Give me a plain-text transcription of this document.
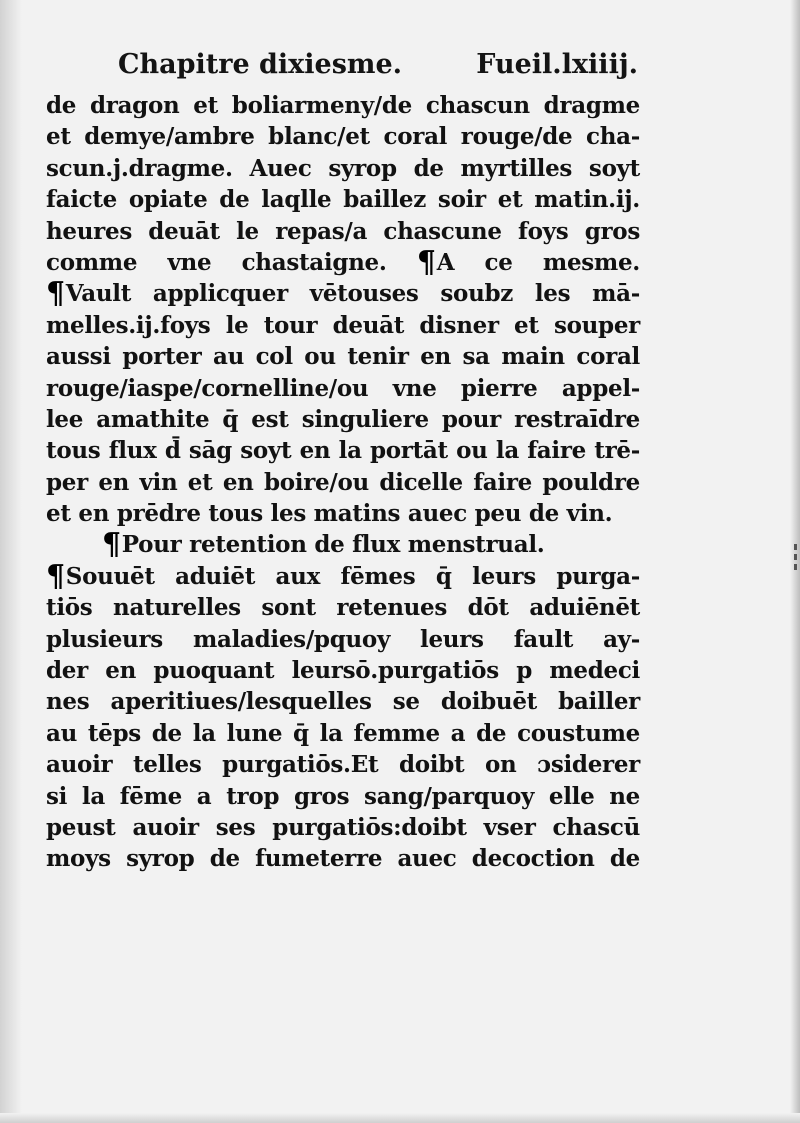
Chapitre dixiesme.	Fueil.lxiiij.
de dragon et boliarmeny/de chascun dragme
et demye/ambre blanc/et coral rouge/de cha-
scun.j.dragme. Auec syrop de myrtilles soyt
faicte opiate de laqlle baillez soir et matin.ij.
heures deuāt le repas/a chascune foys gros
comme vne chastaigne. ¶A ce mesme.
¶Vault applicquer vētouses soubz les mā-
melles.ij.foys le tour deuāt disner et souper
aussi porter au col ou tenir en sa main coral
rouge/iaspe/cornelline/ou vne pierre appel-
lee amathite q̄ est singuliere pour restraīdre
tous flux d̄ sāg soyt en la portāt ou la faire trē-
per en vin et en boire/ou dicelle faire pouldre
et en prēdre tous les matins auec peu de vin.
¶Pour retention de flux menstrual.
¶Souuēt aduiēt aux fēmes q̄ leurs purga-
tiōs naturelles sont retenues dōt aduiēnēt
plusieurs maladies/pquoy leurs fault ay-
der en puoquant leursō.purgatiōs p medeci
nes aperitiues/lesquelles se doibuēt bailler
au tēps de la lune q̄ la femme a de coustume
auoir telles purgatiōs.Et doibt on ɔsiderer
si la fēme a trop gros sang/parquoy elle ne
peust auoir ses purgatiōs:doibt vser chascū
moys syrop de fumeterre auec decoction de
